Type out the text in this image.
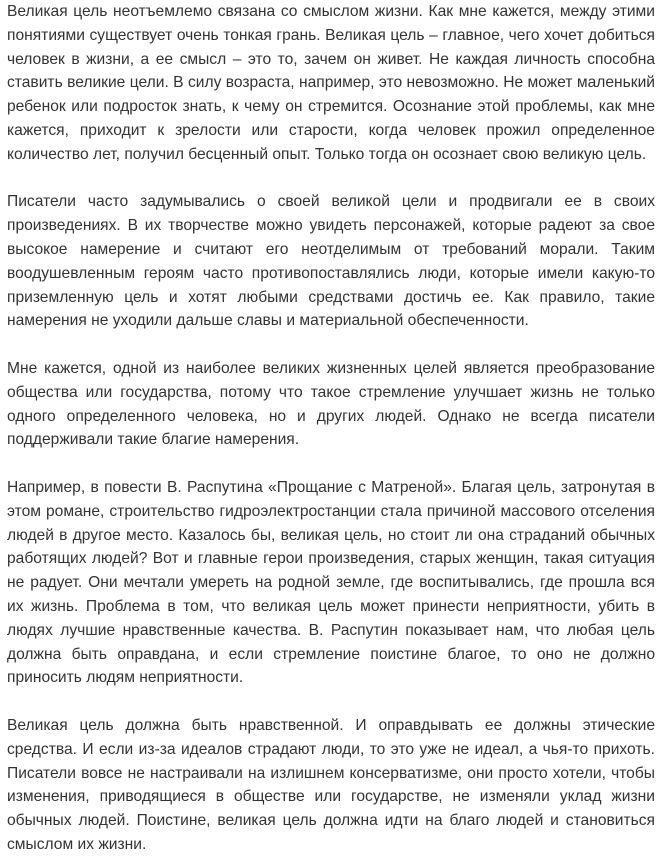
Великая цель неотъемлемо связана со смыслом жизни. Как мне кажется, между этими понятиями существует очень тонкая грань. Великая цель – главное, чего хочет добиться человек в жизни, а ее смысл – это то, зачем он живет. Не каждая личность способна ставить великие цели. В силу возраста, например, это невозможно. Не может маленький ребенок или подросток знать, к чему он стремится. Осознание этой проблемы, как мне кажется, приходит к зрелости или старости, когда человек прожил определенное количество лет, получил бесценный опыт. Только тогда он осознает свою великую цель.

Писатели часто задумывались о своей великой цели и продвигали ее в своих произведениях. В их творчестве можно увидеть персонажей, которые радеют за свое высокое намерение и считают его неотделимым от требований морали. Таким воодушевленным героям часто противопоставлялись люди, которые имели какую-то приземленную цель и хотят любыми средствами достичь ее. Как правило, такие намерения не уходили дальше славы и материальной обеспеченности.

Мне кажется, одной из наиболее великих жизненных целей является преобразование общества или государства, потому что такое стремление улучшает жизнь не только одного определенного человека, но и других людей. Однако не всегда писатели поддерживали такие благие намерения.

Например, в повести В. Распутина «Прощание с Матреной». Благая цель, затронутая в этом романе, строительство гидроэлектростанции стала причиной массового отселения людей в другое место. Казалось бы, великая цель, но стоит ли она страданий обычных работящих людей? Вот и главные герои произведения, старых женщин, такая ситуация не радует. Они мечтали умереть на родной земле, где воспитывались, где прошла вся их жизнь. Проблема в том, что великая цель может принести неприятности, убить в людях лучшие нравственные качества. В. Распутин показывает нам, что любая цель должна быть оправдана, и если стремление поистине благое, то оно не должно приносить людям неприятности.

Великая цель должна быть нравственной. И оправдывать ее должны этические средства. И если из-за идеалов страдают люди, то это уже не идеал, а чья-то прихоть. Писатели вовсе не настраивали на излишнем консерватизме, они просто хотели, чтобы изменения, приводящиеся в обществе или государстве, не изменяли уклад жизни обычных людей. Поистине, великая цель должна идти на благо людей и становиться смыслом их жизни.
